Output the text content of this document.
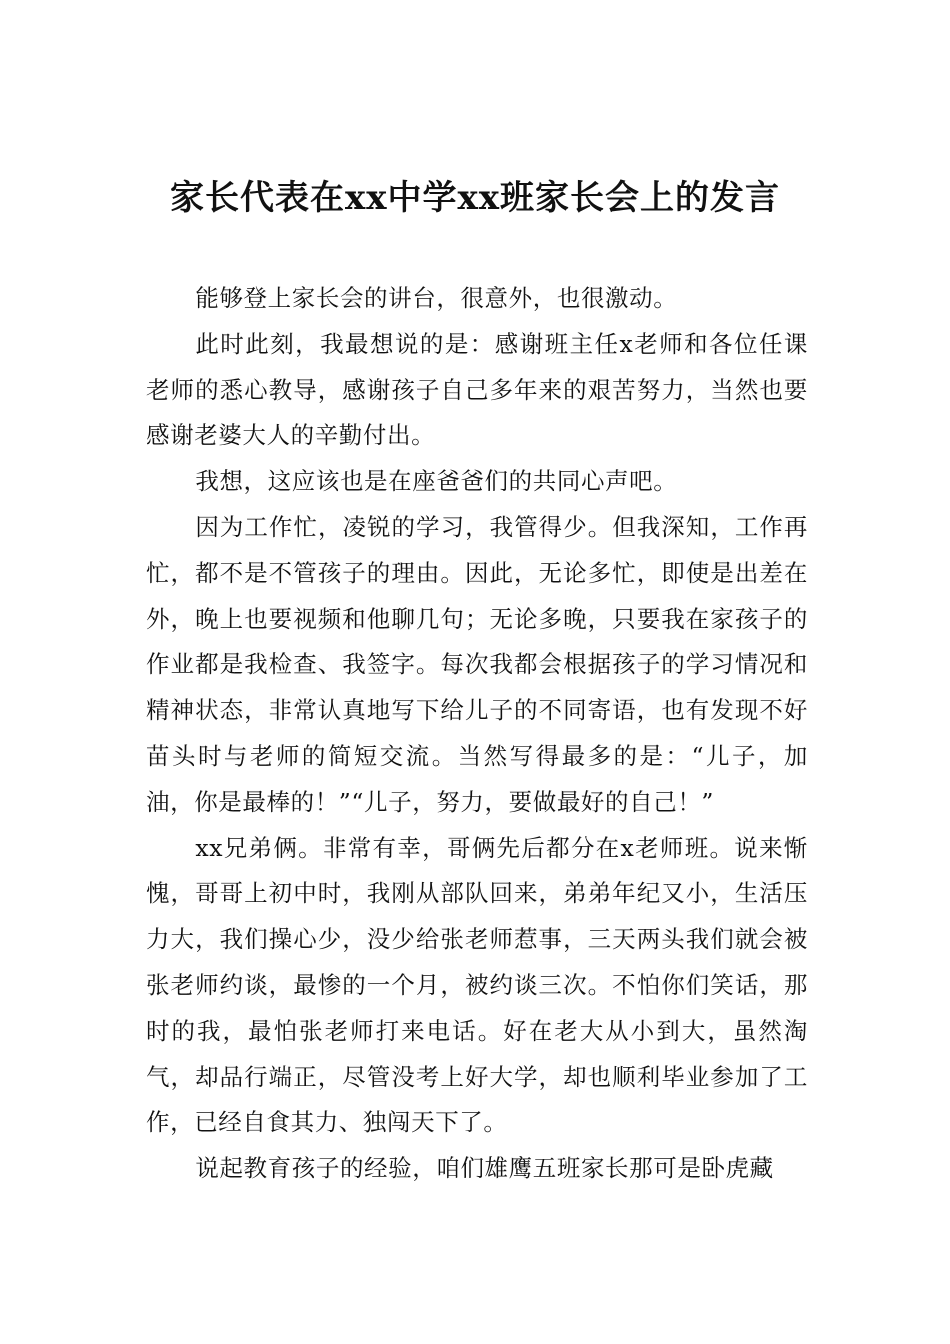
家长代表在xx中学xx班家长会上的发言

能够登上家长会的讲台，很意外，也很激动。

此时此刻，我最想说的是：感谢班主任x老师和各位任课老师的悉心教导，感谢孩子自己多年来的艰苦努力，当然也要感谢老婆大人的辛勤付出。

我想，这应该也是在座爸爸们的共同心声吧。

因为工作忙，凌锐的学习，我管得少。但我深知，工作再忙，都不是不管孩子的理由。因此，无论多忙，即使是出差在外，晚上也要视频和他聊几句；无论多晚，只要我在家孩子的作业都是我检查、我签字。每次我都会根据孩子的学习情况和精神状态，非常认真地写下给儿子的不同寄语，也有发现不好苗头时与老师的简短交流。当然写得最多的是：“儿子，加油，你是最棒的！”“儿子，努力，要做最好的自己！”

xx兄弟俩。非常有幸，哥俩先后都分在x老师班。说来惭愧，哥哥上初中时，我刚从部队回来，弟弟年纪又小，生活压力大，我们操心少，没少给张老师惹事，三天两头我们就会被张老师约谈，最惨的一个月，被约谈三次。不怕你们笑话，那时的我，最怕张老师打来电话。好在老大从小到大，虽然淘气，却品行端正，尽管没考上好大学，却也顺利毕业参加了工作，已经自食其力、独闯天下了。

说起教育孩子的经验，咱们雄鹰五班家长那可是卧虎藏
